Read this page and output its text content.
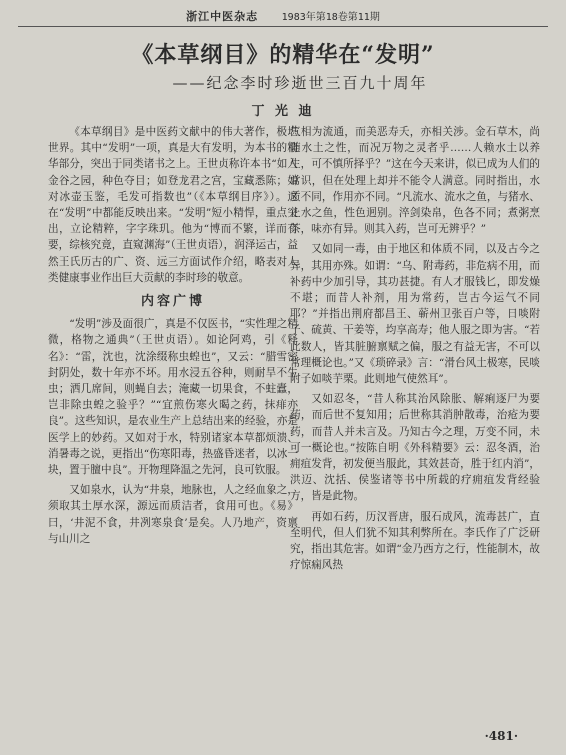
浙江中医杂志 1983年第18卷第11期
《本草纲目》的精华在“发明”
——纪念李时珍逝世三百九十周年
丁 光 迪

《本草纲目》是中医药文献中的伟大著作，极堪世界。其中“发明”一项，真是大有发明，为本书的精华部分，突出于同类诸书之上。王世贞称许本书“如入金谷之园，种色夺目；如登龙君之宫，宝藏悉陈；如对冰壶玉鉴，毛发可指数也”（《本草纲目序》）。这在“发明”中都能反映出来。“发明”短小精悍，重点突出，立论精粹，字字珠玑。他为“博而不繁，详而有要，综核究竟，直窥渊海”（王世贞语），润泽运古，益然王氏历古的广、资、远三方面试作介绍，略表对人类健康事业作出巨大贡献的李时珍的敬意。

内容广博

“发明”涉及面很广，真是不仅医书，“实性理之精微，格物之通典”（王世贞语）。如论阿鸡，引《释名》：“雷，沈也，沈涂缀称虫蝗也”，又云：“腊雪密封阴处，数十年亦不坏。用水浸五谷种，则耐旱不生虫；洒几席间，则蝇自去；淹藏一切果食，不蛀蠹，岂非除虫蝗之验乎？”“宜煎伤寒火暍之药，抹痱亦良”。这些知识，是农业生产上总结出来的经验，亦是医学上的妙药。又如对于水，特别诸家本草都烦溃、消暑毒之说，更指出“伤寒阳毒，热盛昏迷者，以冰一块，置于膻中良”。开物理降温之先河，良可钦服。

又如泉水，认为“井泉，地脉也，人之经血象之，须取其土厚水深，源远而质洁者，食用可也。《易》曰，‘井泥不食，井冽寒泉食’是矣。人乃地产，资禀与山川之

气相为流通，而美恶寿夭，亦相关涉。金石草木，尚随水土之性，而况万物之灵者乎……人赖水土以养生，可不慎所择乎？”这在今天来讲，似已成为人们的常识，但在处理上却并不能令人满意。同时指出，水质不同，作用亦不同。“凡流水、流水之鱼，与猪水、止水之鱼，性色迥别。淬剑染帛，色各不同；煮粥烹茶，味亦有异。则其入药，岂可无辨乎？”

又如同一毒，由于地区和体质不同，以及古今之异，其用亦殊。如谓：“乌、附毒药，非危病不用，而补药中少加引导，其功甚捷。有人才服钱匕，即发燥不堪；而昔人补剂，用为常药，岂古今运气不同耶？”并指出荆府都昌王、蕲州卫张百户等，日啖附子、硫黄、干姜等，均享高寿；他人服之即为害。“若此数人，皆其脏腑禀赋之偏，服之有益无害，不可以常理概论也。”又《琐碎录》言：“滑台风土极寒，民啖附子如啖芋栗。此则地气使然耳”。

又如忍冬，“昔人称其治风除胀、解痢逐尸为要药，而后世不复知用；后世称其消肿散毒，治疮为要药，而昔人并未言及。乃知古今之理，万变不同，未可一概论也。”按陈自明《外科精要》云：忍冬酒，治痈疽发背，初发便当服此，其效甚奇，胜于红内消”，洪迈、沈括、侯鉴诸等书中所载的疗痈疽发背经验方，皆是此物。

再如石药，历汉晋唐，服石成风，流毒甚广，直至明代，但人们犹不知其利弊所在。李氏作了广泛研究，指出其危害。如谓“金乃西方之行，性能制木，故疗惊痫风热

·481·
